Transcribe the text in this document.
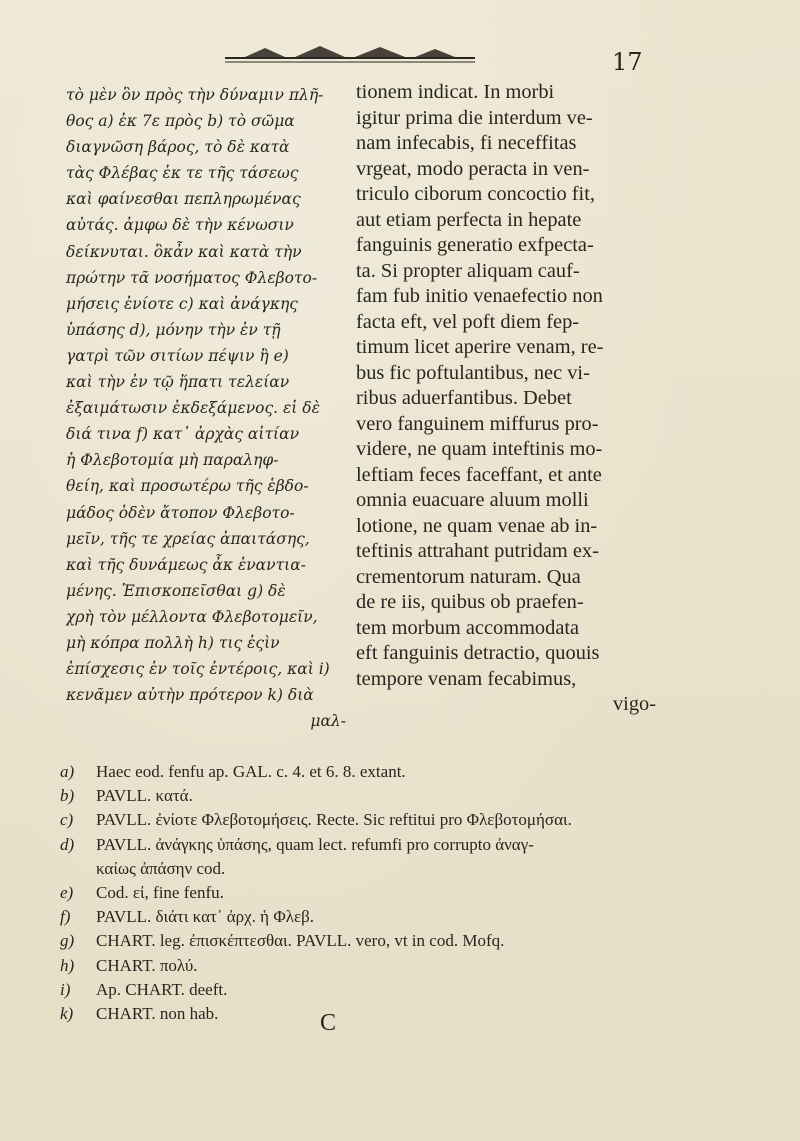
17
τὸ μὲν ὃν πρὸς τὴν δύναμιν πλῆ-
θος a) ἐκ 7ε πρὸς b) τὸ σῶμα
διαγνῶση βάρος, τὸ δὲ κατὰ
τὰς Φλέβας ἐκ τε τῆς τάσεως
καὶ φαίνεσθαι πεπληρωμένας
αὐτάς. ἀμφω δὲ τὴν κένωσιν
δείκνυται. ὃκἆν καὶ κατὰ τὴν
πρώτην τᾶ νοσήματος Φλεβοτο-
μήσεις ἐνίοτε c) καὶ ἀνάγκης
ὑπάσης d), μόνην τὴν ἐν τῇ
γατρὶ τῶν σιτίων πέψιν ἢ e)
καὶ τὴν ἐν τῷ ἥπατι τελείαν
ἐξαιμάτωσιν ἐκδεξάμενος. εἰ δὲ
διά τινα f) κατ᾽ ἀρχὰς αἰτίαν
ἡ Φλεβοτομία μὴ παραληφ-
θείη, καὶ προσωτέρω τῆς ἑβδο-
μάδος ὁδὲν ἄτοπον Φλεβοτο-
μεῖν, τῆς τε χρείας ἀπαιτάσης,
καὶ τῆς δυνάμεως ἆκ ἐναντια-
μένης. Ἐπισκοπεῖσθαι g) δὲ
χρὴ τὸν μέλλοντα Φλεβοτομεῖν,
μὴ κόπρα πολλὴ h) τις ἐςὶν
ἐπίσχεσις ἐν τοῖς ἐντέροις, καὶ i)
κενᾶμεν αὐτὴν πρότερον k) διὰ
μαλ-
tionem indicat. In morbi
igitur prima die interdum ve-
nam infecabis, fi neceffitas
vrgeat, modo peracta in ven-
triculo ciborum concoctio fit,
aut etiam perfecta in hepate
fanguinis generatio exfpecta-
ta. Si propter aliquam cauf-
fam fub initio venaefectio non
facta eft, vel poft diem fep-
timum licet aperire venam, re-
bus fic poftulantibus, nec vi-
ribus aduerfantibus. Debet
vero fanguinem miffurus pro-
videre, ne quam inteftinis mo-
leftiam feces faceffant, et ante
omnia euacuare aluum molli
lotione, ne quam venae ab in-
teftinis attrahant putridam ex-
crementorum naturam. Qua
de re iis, quibus ob praefen-
tem morbum accommodata
eft fanguinis detractio, quouis
tempore venam fecabimus,
vigo-
a)	Haec eod. fenfu ap. GAL. c. 4. et 6. 8. extant.
b)	PAVLL. κατά.
c)	PAVLL. ἐνίοτε Φλεβοτομήσεις. Recte. Sic reftitui pro Φλεβοτομήσαι.
d)	PAVLL. ἀνάγκης ὑπάσης, quam lect. refumfi pro corrupto ἀναγ-
καίως ἀπάσην cod.
e)	Cod. εἰ, fine fenfu.
f)	PAVLL. διάτι κατ᾽ ἀρχ. ἡ Φλεβ.
g)	CHART. leg. ἐπισκέπτεσθαι. PAVLL. vero, vt in cod. Mofq.
h)	CHART. πολύ.
i)	Ap. CHART. deeft.
k)	CHART. non hab.	C
